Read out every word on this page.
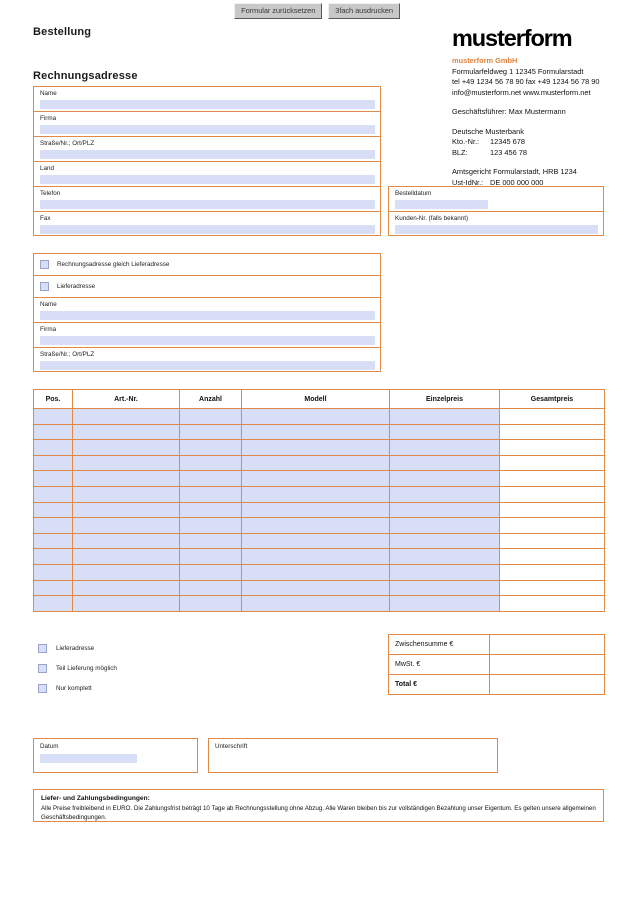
Formular zurücksetzen	3fach ausdrucken
Bestellung	musterform
musterform GmbH
Formularfeldweg 1 12345 Formularstadt
tel +49 1234 56 78 90 fax +49 1234 56 78 90
info@musterform.net www.musterform.net
Geschäftsführer: Max Mustermann
Deutsche Musterbank
Kto.-Nr.:	12345 678
BLZ:	123 456 78
Amtsgericht Formularstadt, HRB 1234
Ust-IdNr.: DE 000 000 000
Rechnungsadresse
Name
Firma
Straße/Nr.; Ort/PLZ
Land
Telefon
Fax
Bestelldatum
Kunden-Nr. (falls bekannt)
Rechnungsadresse gleich Lieferadresse
Lieferadresse
Name
Firma
Straße/Nr.; Ort/PLZ
Pos.	Art.-Nr.	Anzahl	Modell	Einzelpreis	Gesamtpreis

Lieferadresse
Teil Lieferung möglich
Nur komplett
Zwischensumme €	
MwSt. €	
Total €	
Datum	Unterschrift
Liefer- und Zahlungsbedingungen:
Alle Preise freibleibend in EURO. Die Zahlungsfrist beträgt 10 Tage ab Rechnungsstellung ohne Abzug. Alle Waren bleiben bis zur vollständigen Bezahlung unser Eigentum. Es gelten unsere allgemeinen Geschäftsbedingungen.
